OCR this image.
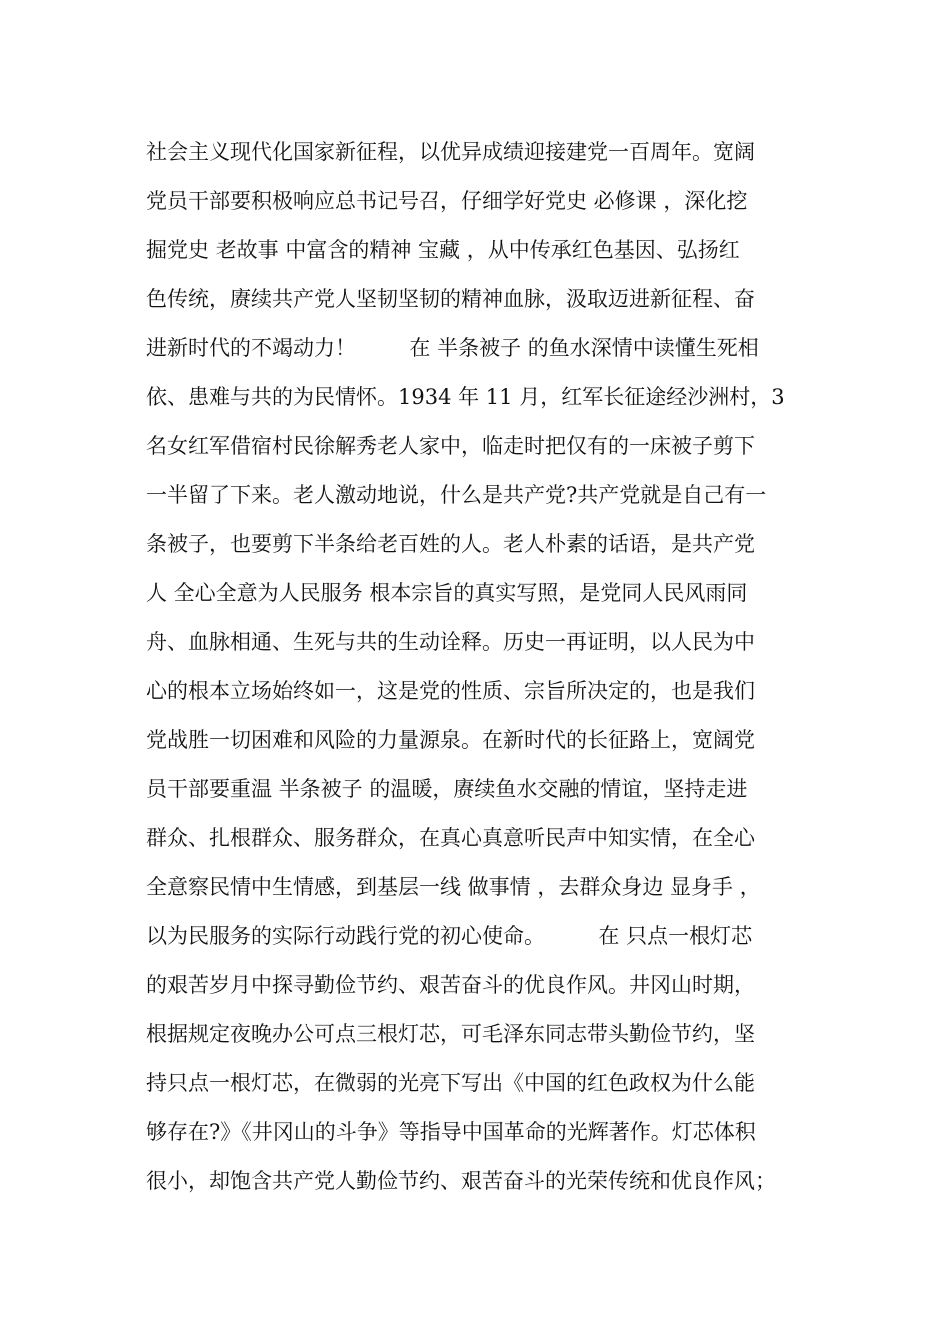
社会主义现代化国家新征程，以优异成绩迎接建党一百周年。宽阔
党员干部要积极响应总书记号召，仔细学好党史 必修课 ，深化挖
掘党史 老故事 中富含的精神 宝藏 ，从中传承红色基因、弘扬红
色传统，赓续共产党人坚韧坚韧的精神血脉，汲取迈进新征程、奋
进新时代的不竭动力！        在 半条被子 的鱼水深情中读懂生死相
依、患难与共的为民情怀。1934 年 11 月，红军长征途经沙洲村，3
名女红军借宿村民徐解秀老人家中，临走时把仅有的一床被子剪下
一半留了下来。老人激动地说，什么是共产党?共产党就是自己有一
条被子，也要剪下半条给老百姓的人。老人朴素的话语，是共产党
人 全心全意为人民服务 根本宗旨的真实写照，是党同人民风雨同
舟、血脉相通、生死与共的生动诠释。历史一再证明，以人民为中
心的根本立场始终如一，这是党的性质、宗旨所决定的，也是我们
党战胜一切困难和风险的力量源泉。在新时代的长征路上，宽阔党
员干部要重温 半条被子 的温暖，赓续鱼水交融的情谊，坚持走进
群众、扎根群众、服务群众，在真心真意听民声中知实情，在全心
全意察民情中生情感，到基层一线 做事情 ，去群众身边 显身手 ，
以为民服务的实际行动践行党的初心使命。        在 只点一根灯芯
的艰苦岁月中探寻勤俭节约、艰苦奋斗的优良作风。井冈山时期，
根据规定夜晚办公可点三根灯芯，可毛泽东同志带头勤俭节约，坚
持只点一根灯芯，在微弱的光亮下写出《中国的红色政权为什么能
够存在?》《井冈山的斗争》等指导中国革命的光辉著作。灯芯体积
很小，却饱含共产党人勤俭节约、艰苦奋斗的光荣传统和优良作风；
